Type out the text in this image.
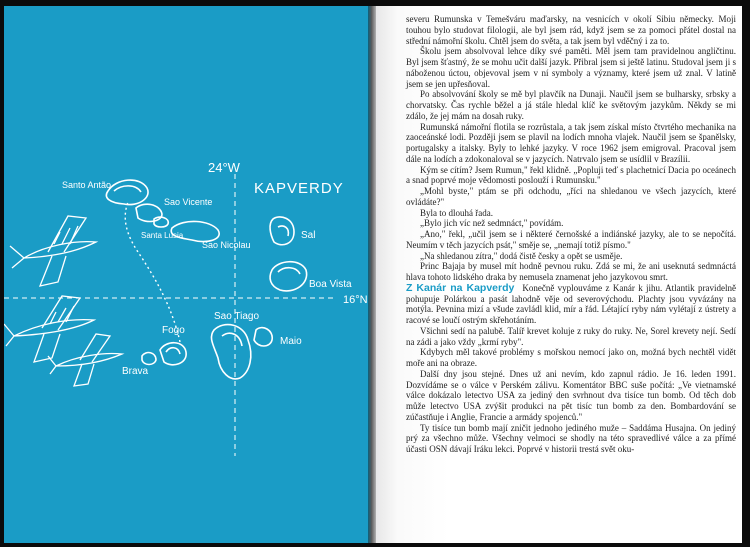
24°W
16°N
KAPVERDY
Santo Antão
Sao Vicente
Santa Lusia
Sao Nicolau
Sal
Boa Vista
Sao Tiago
Maio
Fogo
Brava

severu Rumunska v Temešváru maďarsky, na vesnicích v okolí Sibiu německy. Moji touhou bylo studovat filologii, ale byl jsem rád, když jsem se za pomoci přátel dostal na střední námořní školu. Chtěl jsem do světa, a tak jsem byl vděčný i za to.

Školu jsem absolvoval lehce díky své paměti. Měl jsem tam pravidelnou angličtinu. Byl jsem šťastný, že se mohu učit další jazyk. Přibral jsem si ještě latinu. Studoval jsem ji s náboženou úctou, objevoval jsem v ní symboly a významy, které jsem už znal. V latině jsem se jen upřesňoval.

Po absolvování školy se mě byl plavčík na Dunaji. Naučil jsem se bulharsky, srbsky a chorvatsky. Čas rychle běžel a já stále hledal klíč ke světovým jazykům. Někdy se mi zdálo, že jej mám na dosah ruky.

Rumunská námořní flotila se rozrůstala, a tak jsem získal místo čtvrtého mechanika na zaoceánské lodi. Později jsem se plavil na lodích mnoha vlajek. Naučil jsem se španělsky, portugalsky a italsky. Byly to lehké jazyky. V roce 1962 jsem emigroval. Pracoval jsem dále na lodích a zdokonaloval se v jazycích. Natrvalo jsem se usídlil v Brazílii.

Kým se cítím? Jsem Rumun," řekl klidně. „Popluji teď s plachetnicí Dacia po oceánech a snad poprvé moje vědomosti poslouží i Rumunsku."

„Mohl byste," ptám se při odchodu, „říci na shledanou ve všech jazycích, které ovládáte?"

Byla to dlouhá řada.

„Bylo jich víc než sedmnáct," povídám.

„Ano," řekl, „učil jsem se i některé černošské a indiánské jazyky, ale to se nepočítá. Neumím v těch jazycích psát," směje se, „nemají totiž písmo."

„Na shledanou zítra," dodá čistě česky a opět se usměje.

Princ Bajaja by musel mít hodně pevnou ruku. Zdá se mi, že ani useknutá sedmnáctá hlava tohoto lidského draka by nemusela znamenat jeho jazykovou smrt.

Z Kanár na Kapverdy Konečně vyplouváme z Kanár k jihu. Atlantik pravidelně pohupuje Polárkou a pasát lahodně věje od severovýchodu. Plachty jsou vyvázány na motýla. Pevnina mizí a všude zavládl klid, mír a řád. Létající ryby nám vylétají z ústrety a racové se loučí ostrým skřehotáním.

Všichni sedí na palubě. Talíř krevet koluje z ruky do ruky. Ne, Sorel krevety nejí. Sedí na zádi a jako vždy „krmí ryby".

Kdybych měl takové problémy s mořskou nemocí jako on, možná bych nechtěl vidět moře ani na obraze.

Další dny jsou stejné. Dnes už ani nevím, kdo zapnul rádio. Je 16. leden 1991. Dozvídáme se o válce v Perském zálivu. Komentátor BBC suše počítá: „Ve vietnamské válce dokázalo letectvo USA za jediný den svrhnout dva tisíce tun bomb. Od těch dob může letectvo USA zvýšit produkci na pět tisíc tun bomb za den. Bombardování se zúčastňuje i Anglie, Francie a armády spojenců."

Ty tisíce tun bomb mají zničit jednoho jediného muže – Saddáma Husajna. On jediný prý za všechno může. Všechny velmoci se shodly na této spravedlivé válce a za přímé účasti OSN dávají Iráku lekci. Poprvé v historii trestá svět oku-
